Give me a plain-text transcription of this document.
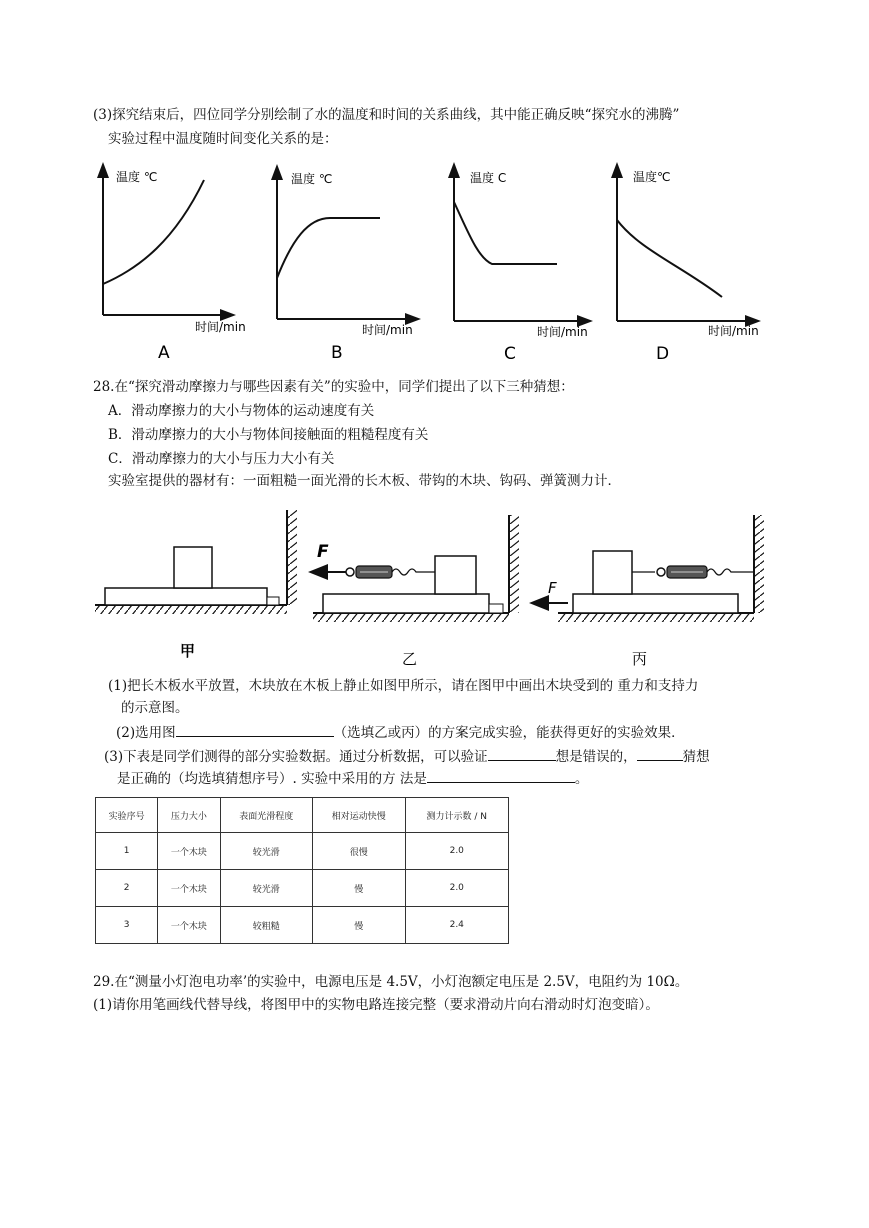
(3)探究结束后，四位同学分别绘制了水的温度和时间的关系曲线，其中能正确反映“探究水的沸腾”
实验过程中温度随时间变化关系的是：
温度 ℃
时间/min
A
温度 ℃
时间/min
B
温度 C
时间/min
C
温度℃
时间/min
D
28.在“探究滑动摩擦力与哪些因素有关”的实验中，同学们提出了以下三种猜想：
A．滑动摩擦力的大小与物体的运动速度有关
B．滑动摩擦力的大小与物体间接触面的粗糙程度有关
C．滑动摩擦力的大小与压力大小有关
实验室提供的器材有：一面粗糙一面光滑的长木板、带钩的木块、钩码、弹簧测力计．
甲
F
乙
F
丙
(1)把长木板水平放置，木块放在木板上静止如图甲所示，请在图甲中画出木块受到的 重力和支持力
的示意图。
(2)选用图	（选填乙或丙）的方案完成实验，能获得更好的实验效果．
(3)下表是同学们测得的部分实验数据。通过分析数据，可以验证	想是错误的，	猜想
是正确的（均选填猜想序号）. 实验中采用的方 法是	。
实验序号	压力大小	表面光滑程度	相对运动快慢	测力计示数 / N
1	一个木块	较光滑	很慢	2.0
2	一个木块	较光滑	慢	2.0
3	一个木块	较粗糙	慢	2.4
29.在“测量小灯泡电功率’的实验中，电源电压是 4.5V，小灯泡额定电压是 2.5V，电阻约为 10Ω。
(1)请你用笔画线代替导线，将图甲中的实物电路连接完整（要求滑动片向右滑动时灯泡变暗）。
